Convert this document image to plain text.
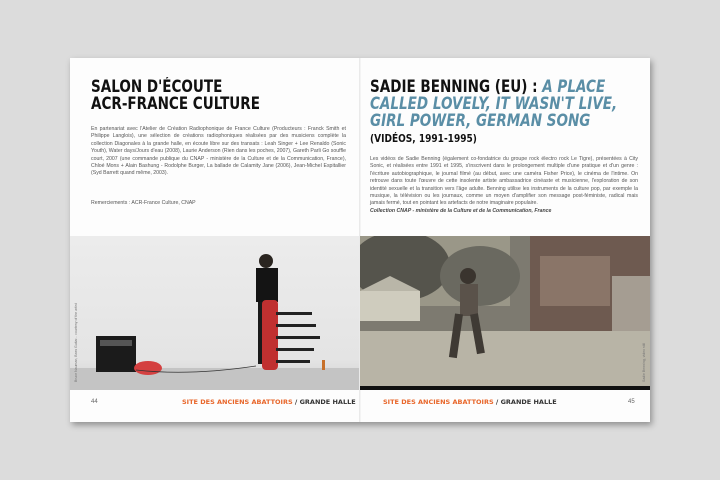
SALON D'ÉCOUTE
ACR-FRANCE CULTURE

En partenariat avec l'Atelier de Création Radiophonique de France Culture (Producteurs : Franck Smith et Philippe Langlois), une sélection de créations radiophoniques réalisées par des musiciens complète la collection Diagonales à la grande halle, en écoute libre sur des transats : Leah Singer + Lee Renaldo (Sonic Youth), Water days/Jours d'eau (2008), Laurie Anderson (Rien dans les poches, 2007), Gareth Parli Go souffle court, 2007 (une commande publique du CNAP - ministère de la Culture et de la Communication, France), Chloé Mons + Alain Bashung - Rodolphe Burger, La ballade de Calamity Jane (2006), Jean-Michel Espitallier (Syd Barrett quand même, 2003).

Remerciements : ACR-France Culture, CNAP
Bruce Nauman, Bass Guitar... courtesy of the artist
44	SITE DES ANCIENS ABATTOIRS / GRANDE HALLE
SADIE BENNING (EU) : A PLACE
CALLED LOVELY, IT WASN'T LIVE,
GIRL POWER, GERMAN SONG
(VIDÉOS, 1991-1995)

Les vidéos de Sadie Benning (également co-fondatrice du groupe rock électro rock Le Tigre), présentées à City Sonic, et réalisées entre 1991 et 1995, s'inscrivent dans le prolongement multiple d'une pratique et d'un genre : l'écriture autobiographique, le journal filmé (au début, avec une caméra Fisher Price), le cinéma de l'intime. On retrouve dans toute l'œuvre de cette insolente artiste ambassadrice cinéaste et musicienne, l'exploration de son identité sexuelle et la transition vers l'âge adulte. Benning utilise les instruments de la culture pop, par exemple la musique, la télévision ou les journaux, comme un moyen d'amplifier son message post-féministe, radical mais jamais fermé, tout en pointant les artefacts de notre imaginaire populaire.

Collection CNAP - ministère de la Culture et de la Communication, France

Sadie Benning, video still
SITE DES ANCIENS ABATTOIRS / GRANDE HALLE	45
